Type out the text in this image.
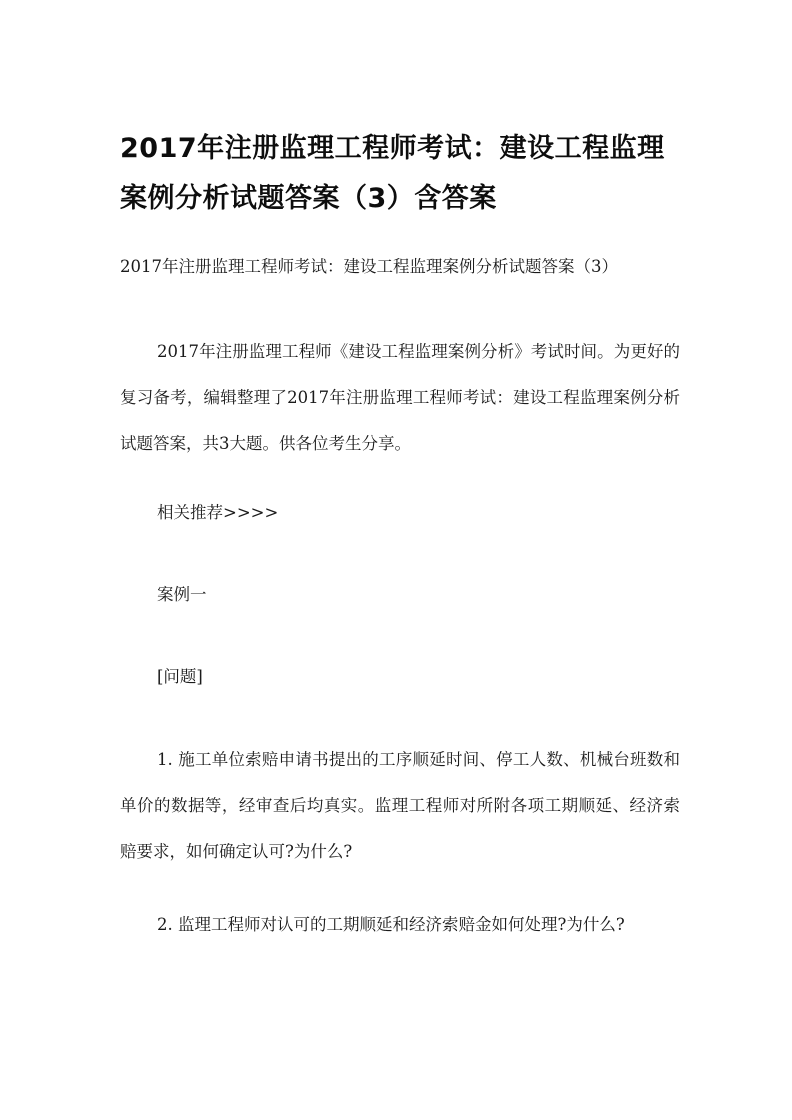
2017年注册监理工程师考试：建设工程监理案例分析试题答案（3）含答案

2017年注册监理工程师考试：建设工程监理案例分析试题答案（3）

2017年注册监理工程师《建设工程监理案例分析》考试时间。为更好的复习备考，编辑整理了2017年注册监理工程师考试：建设工程监理案例分析试题答案，共3大题。供各位考生分享。

相关推荐>>>>

案例一

[问题]

1. 施工单位索赔申请书提出的工序顺延时间、停工人数、机械台班数和单价的数据等，经审查后均真实。监理工程师对所附各项工期顺延、经济索赔要求，如何确定认可?为什么?

2. 监理工程师对认可的工期顺延和经济索赔金如何处理?为什么?
